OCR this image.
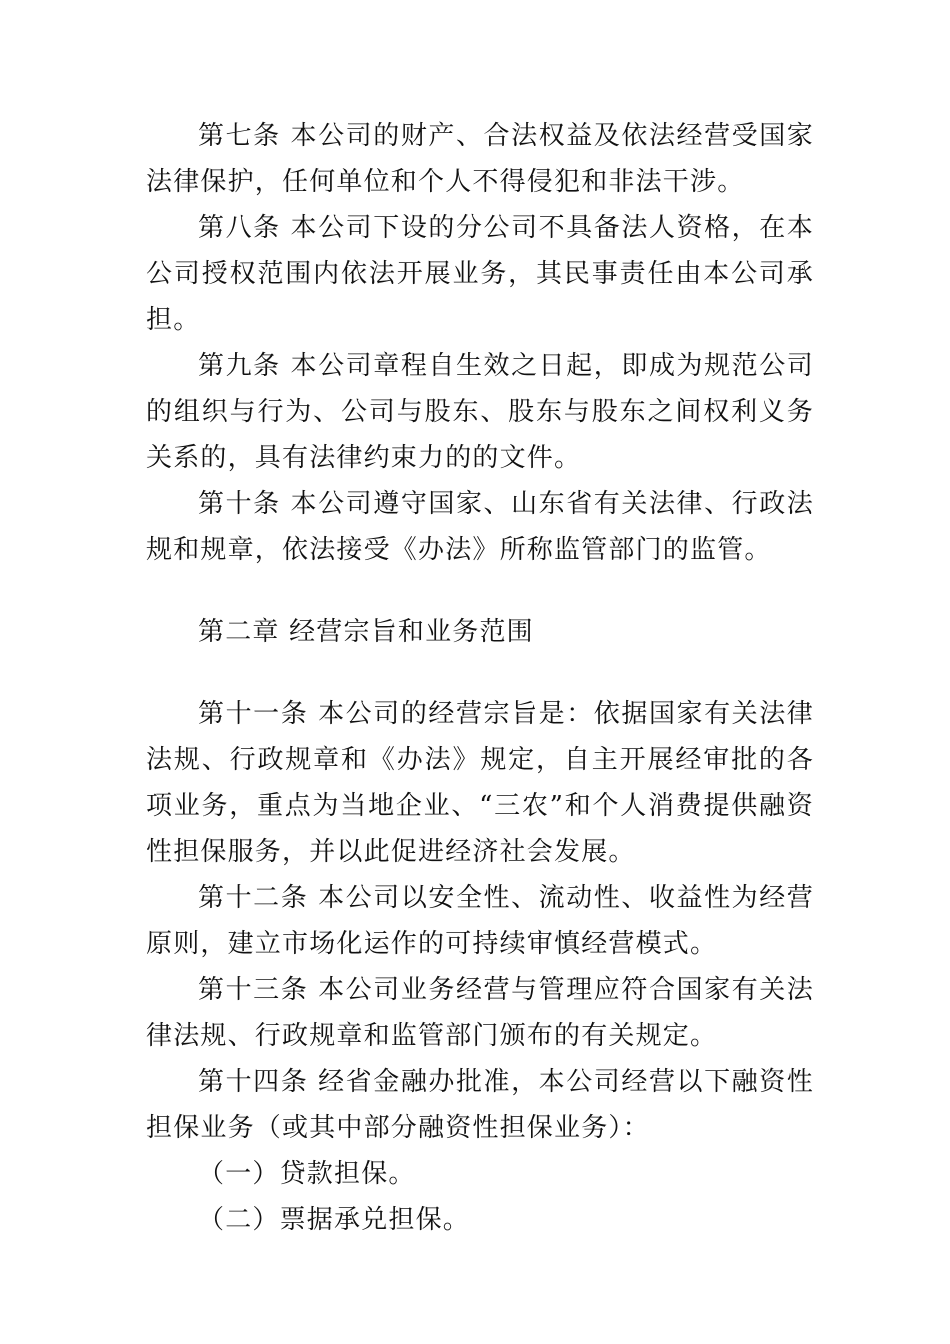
第七条 本公司的财产、合法权益及依法经营受国家法律保护，任何单位和个人不得侵犯和非法干涉。

第八条 本公司下设的分公司不具备法人资格，在本公司授权范围内依法开展业务，其民事责任由本公司承担。

第九条 本公司章程自生效之日起，即成为规范公司的组织与行为、公司与股东、股东与股东之间权利义务关系的，具有法律约束力的的文件。

第十条 本公司遵守国家、山东省有关法律、行政法规和规章，依法接受《办法》所称监管部门的监管。

第二章 经营宗旨和业务范围

第十一条 本公司的经营宗旨是：依据国家有关法律法规、行政规章和《办法》规定，自主开展经审批的各项业务，重点为当地企业、“三农”和个人消费提供融资性担保服务，并以此促进经济社会发展。

第十二条 本公司以安全性、流动性、收益性为经营原则，建立市场化运作的可持续审慎经营模式。

第十三条 本公司业务经营与管理应符合国家有关法律法规、行政规章和监管部门颁布的有关规定。

第十四条 经省金融办批准，本公司经营以下融资性担保业务（或其中部分融资性担保业务）：

（一）贷款担保。

（二）票据承兑担保。
